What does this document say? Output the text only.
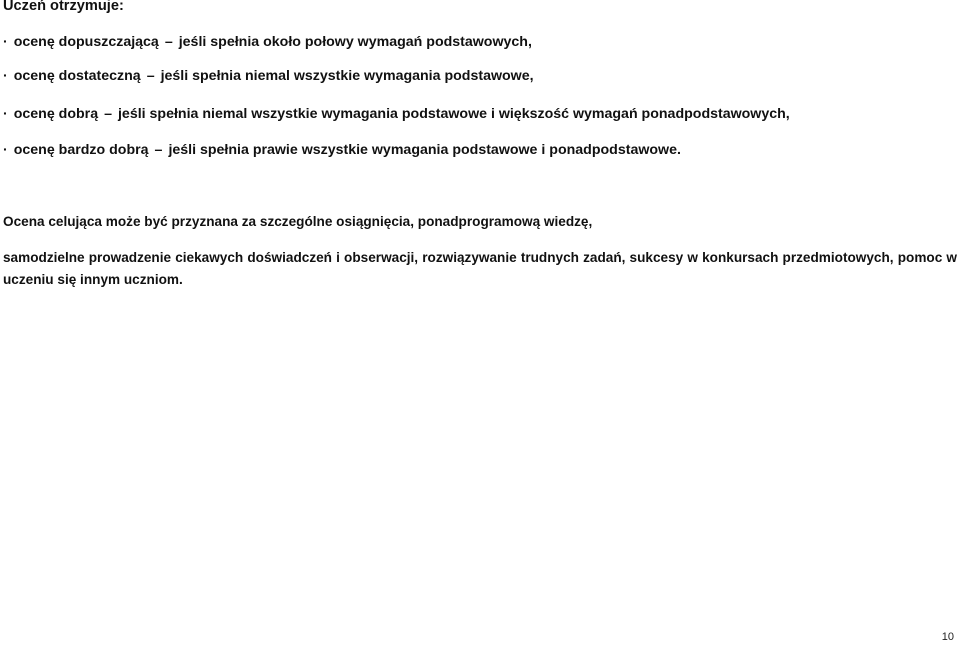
Uczeń otrzymuje:
· ocenę dopuszczającą – jeśli spełnia około połowy wymagań podstawowych,
· ocenę dostateczną – jeśli spełnia niemal wszystkie wymagania podstawowe,
· ocenę dobrą – jeśli spełnia niemal wszystkie wymagania podstawowe i większość wymagań ponadpodstawowych,
· ocenę bardzo dobrą – jeśli spełnia prawie wszystkie wymagania podstawowe i ponadpodstawowe.
Ocena celująca może być przyznana za szczególne osiągnięcia, ponadprogramową wiedzę,
samodzielne prowadzenie ciekawych doświadczeń i obserwacji, rozwiązywanie trudnych zadań, sukcesy w konkursach przedmiotowych, pomoc w uczeniu się innym uczniom.
10
